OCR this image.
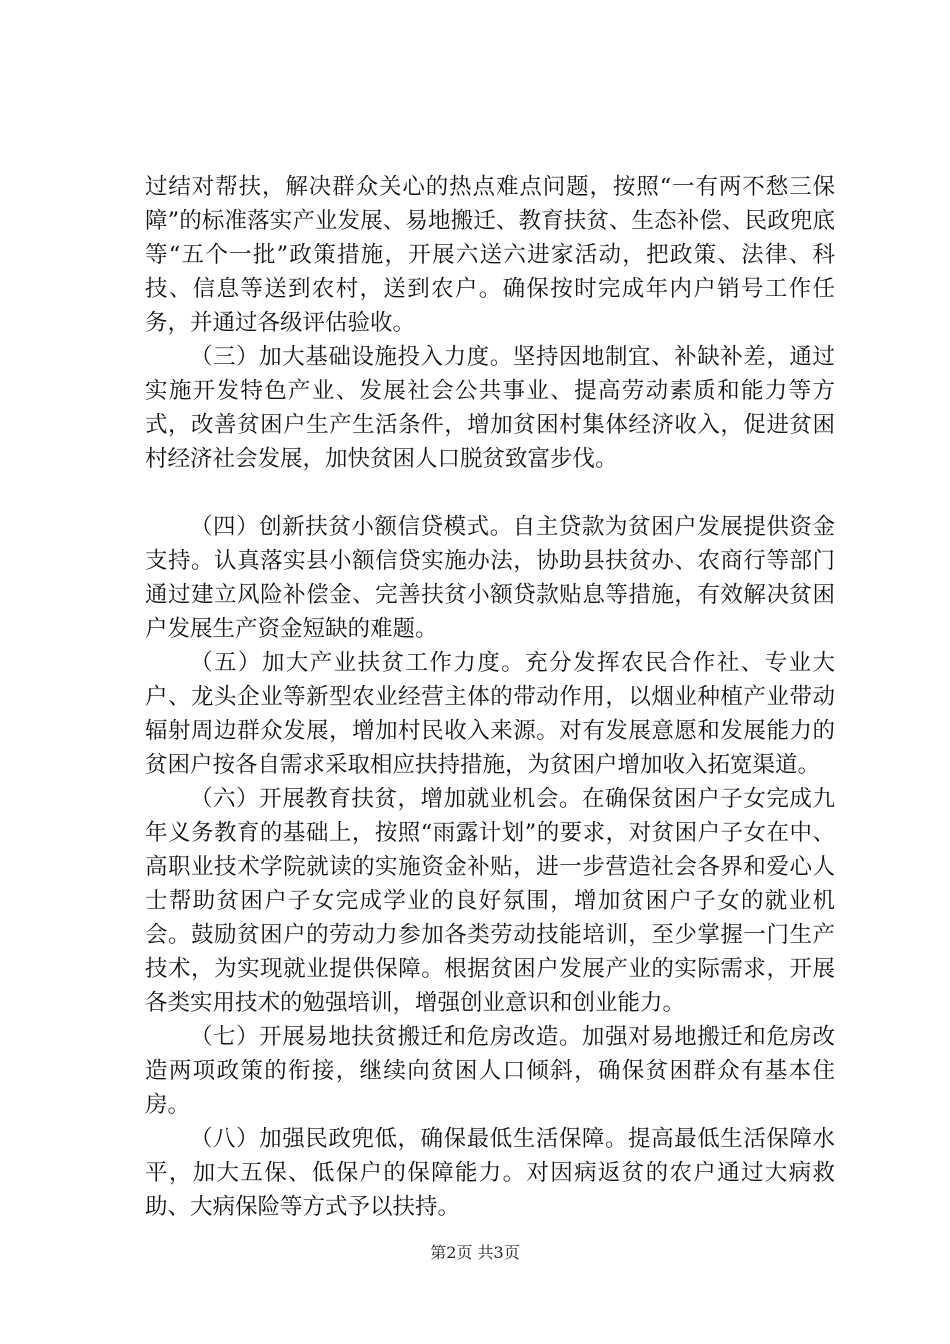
过结对帮扶，解决群众关心的热点难点问题，按照“一有两不愁三保障”的标准落实产业发展、易地搬迁、教育扶贫、生态补偿、民政兜底等“五个一批”政策措施，开展六送六进家活动，把政策、法律、科技、信息等送到农村，送到农户。确保按时完成年内户销号工作任务，并通过各级评估验收。

（三）加大基础设施投入力度。坚持因地制宜、补缺补差，通过实施开发特色产业、发展社会公共事业、提高劳动素质和能力等方式，改善贫困户生产生活条件，增加贫困村集体经济收入，促进贫困村经济社会发展，加快贫困人口脱贫致富步伐。

（四）创新扶贫小额信贷模式。自主贷款为贫困户发展提供资金支持。认真落实县小额信贷实施办法，协助县扶贫办、农商行等部门通过建立风险补偿金、完善扶贫小额贷款贴息等措施，有效解决贫困户发展生产资金短缺的难题。

（五）加大产业扶贫工作力度。充分发挥农民合作社、专业大户、龙头企业等新型农业经营主体的带动作用，以烟业种植产业带动辐射周边群众发展，增加村民收入来源。对有发展意愿和发展能力的贫困户按各自需求采取相应扶持措施，为贫困户增加收入拓宽渠道。

（六）开展教育扶贫，增加就业机会。在确保贫困户子女完成九年义务教育的基础上，按照“雨露计划”的要求，对贫困户子女在中、高职业技术学院就读的实施资金补贴，进一步营造社会各界和爱心人士帮助贫困户子女完成学业的良好氛围，增加贫困户子女的就业机会。鼓励贫困户的劳动力参加各类劳动技能培训，至少掌握一门生产技术，为实现就业提供保障。根据贫困户发展产业的实际需求，开展各类实用技术的勉强培训，增强创业意识和创业能力。

（七）开展易地扶贫搬迁和危房改造。加强对易地搬迁和危房改造两项政策的衔接，继续向贫困人口倾斜，确保贫困群众有基本住房。

（八）加强民政兜低，确保最低生活保障。提高最低生活保障水平，加大五保、低保户的保障能力。对因病返贫的农户通过大病救助、大病保险等方式予以扶持。

第2页 共3页
